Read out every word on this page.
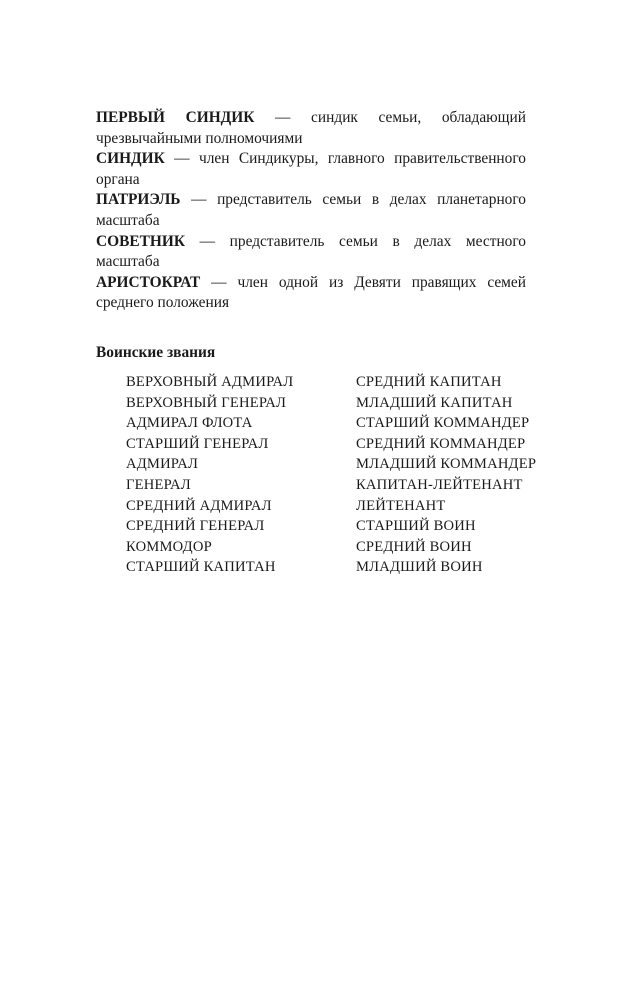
ПЕРВЫЙ СИНДИК — синдик семьи, обладающий чрезвычайными полномочиями

СИНДИК — член Синдикуры, главного правительственного органа

ПАТРИЭЛЬ — представитель семьи в делах планетарного масштаба

СОВЕТНИК — представитель семьи в делах местного масштаба

АРИСТОКРАТ — член одной из Девяти правящих семей среднего положения

Воинские звания
ВЕРХОВНЫЙ АДМИРАЛ
ВЕРХОВНЫЙ ГЕНЕРАЛ
АДМИРАЛ ФЛОТА
СТАРШИЙ ГЕНЕРАЛ
АДМИРАЛ
ГЕНЕРАЛ
СРЕДНИЙ АДМИРАЛ
СРЕДНИЙ ГЕНЕРАЛ
КОММОДОР
СТАРШИЙ КАПИТАН
СРЕДНИЙ КАПИТАН
МЛАДШИЙ КАПИТАН
СТАРШИЙ КОММАНДЕР
СРЕДНИЙ КОММАНДЕР
МЛАДШИЙ КОММАНДЕР
КАПИТАН-ЛЕЙТЕНАНТ
ЛЕЙТЕНАНТ
СТАРШИЙ ВОИН
СРЕДНИЙ ВОИН
МЛАДШИЙ ВОИН
